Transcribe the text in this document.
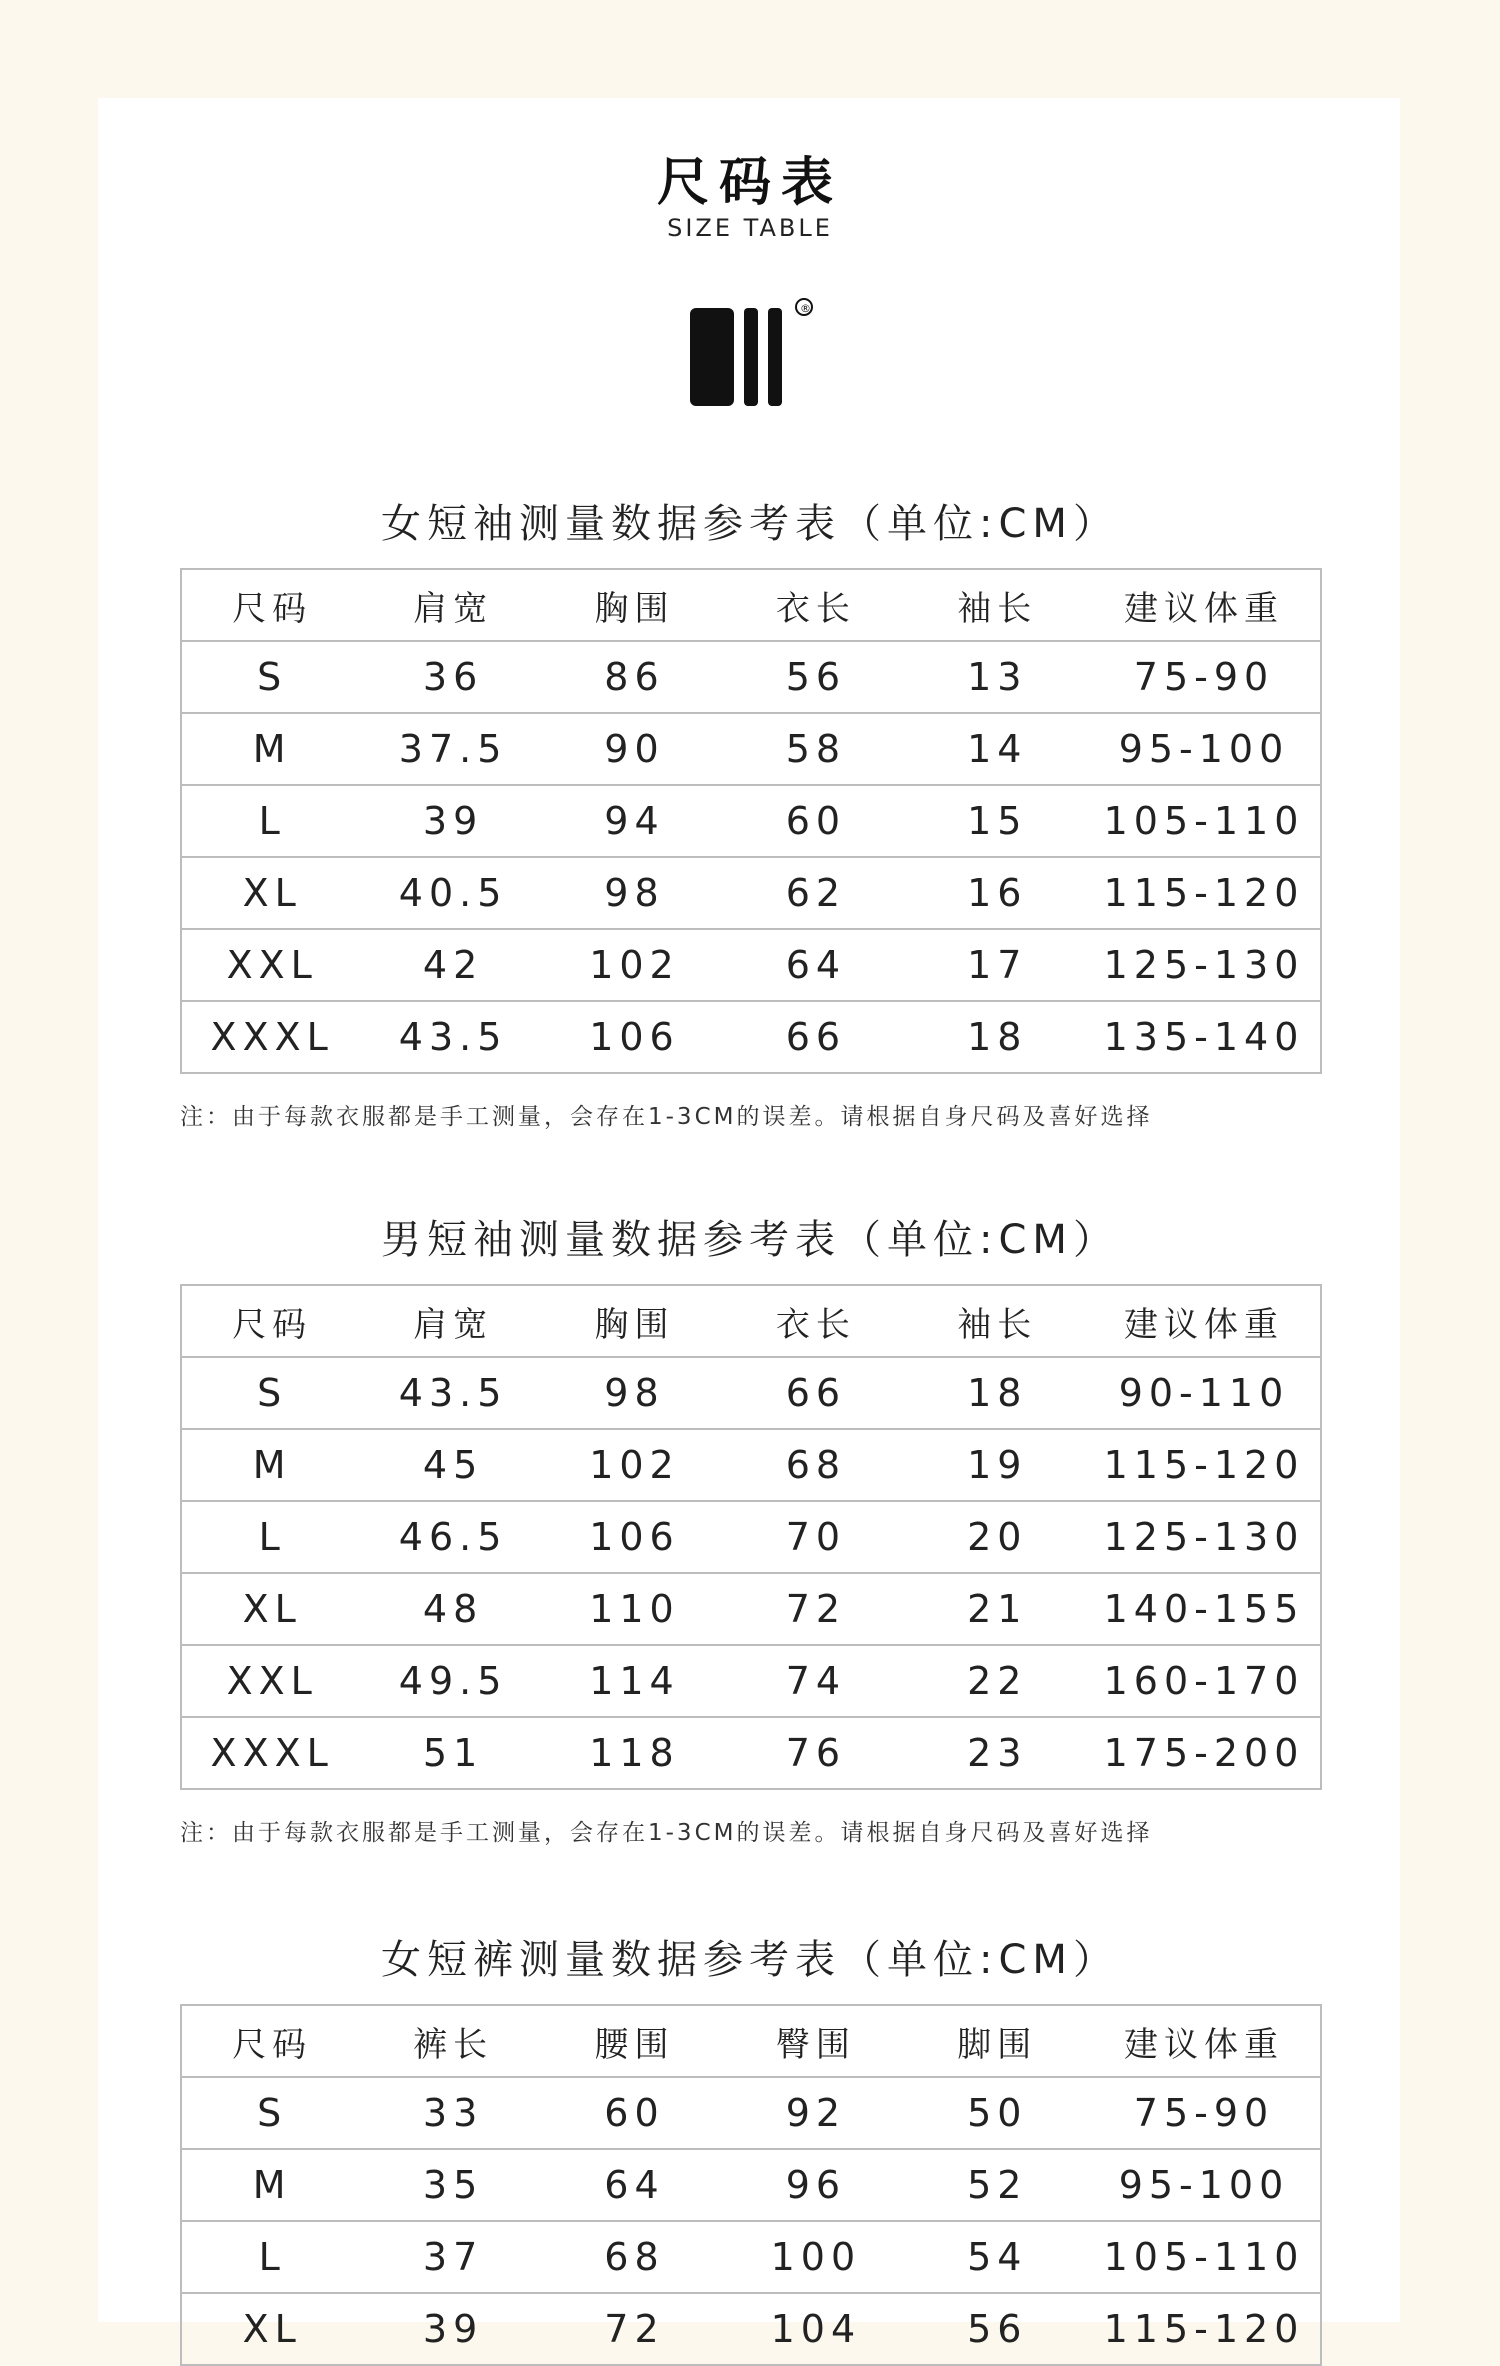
尺码表
SIZE TABLE
®
女短袖测量数据参考表（单位:CM）
尺码	肩宽	胸围	衣长	袖长	建议体重
S	36	86	56	13	75-90
M	37.5	90	58	14	95-100
L	39	94	60	15	105-110
XL	40.5	98	62	16	115-120
XXL	42	102	64	17	125-130
XXXL	43.5	106	66	18	135-140
注：由于每款衣服都是手工测量，会存在1-3CM的误差。请根据自身尺码及喜好选择
男短袖测量数据参考表（单位:CM）
尺码	肩宽	胸围	衣长	袖长	建议体重
S	43.5	98	66	18	90-110
M	45	102	68	19	115-120
L	46.5	106	70	20	125-130
XL	48	110	72	21	140-155
XXL	49.5	114	74	22	160-170
XXXL	51	118	76	23	175-200
注：由于每款衣服都是手工测量，会存在1-3CM的误差。请根据自身尺码及喜好选择
女短裤测量数据参考表（单位:CM）
尺码	裤长	腰围	臀围	脚围	建议体重
S	33	60	92	50	75-90
M	35	64	96	52	95-100
L	37	68	100	54	105-110
XL	39	72	104	56	115-120
